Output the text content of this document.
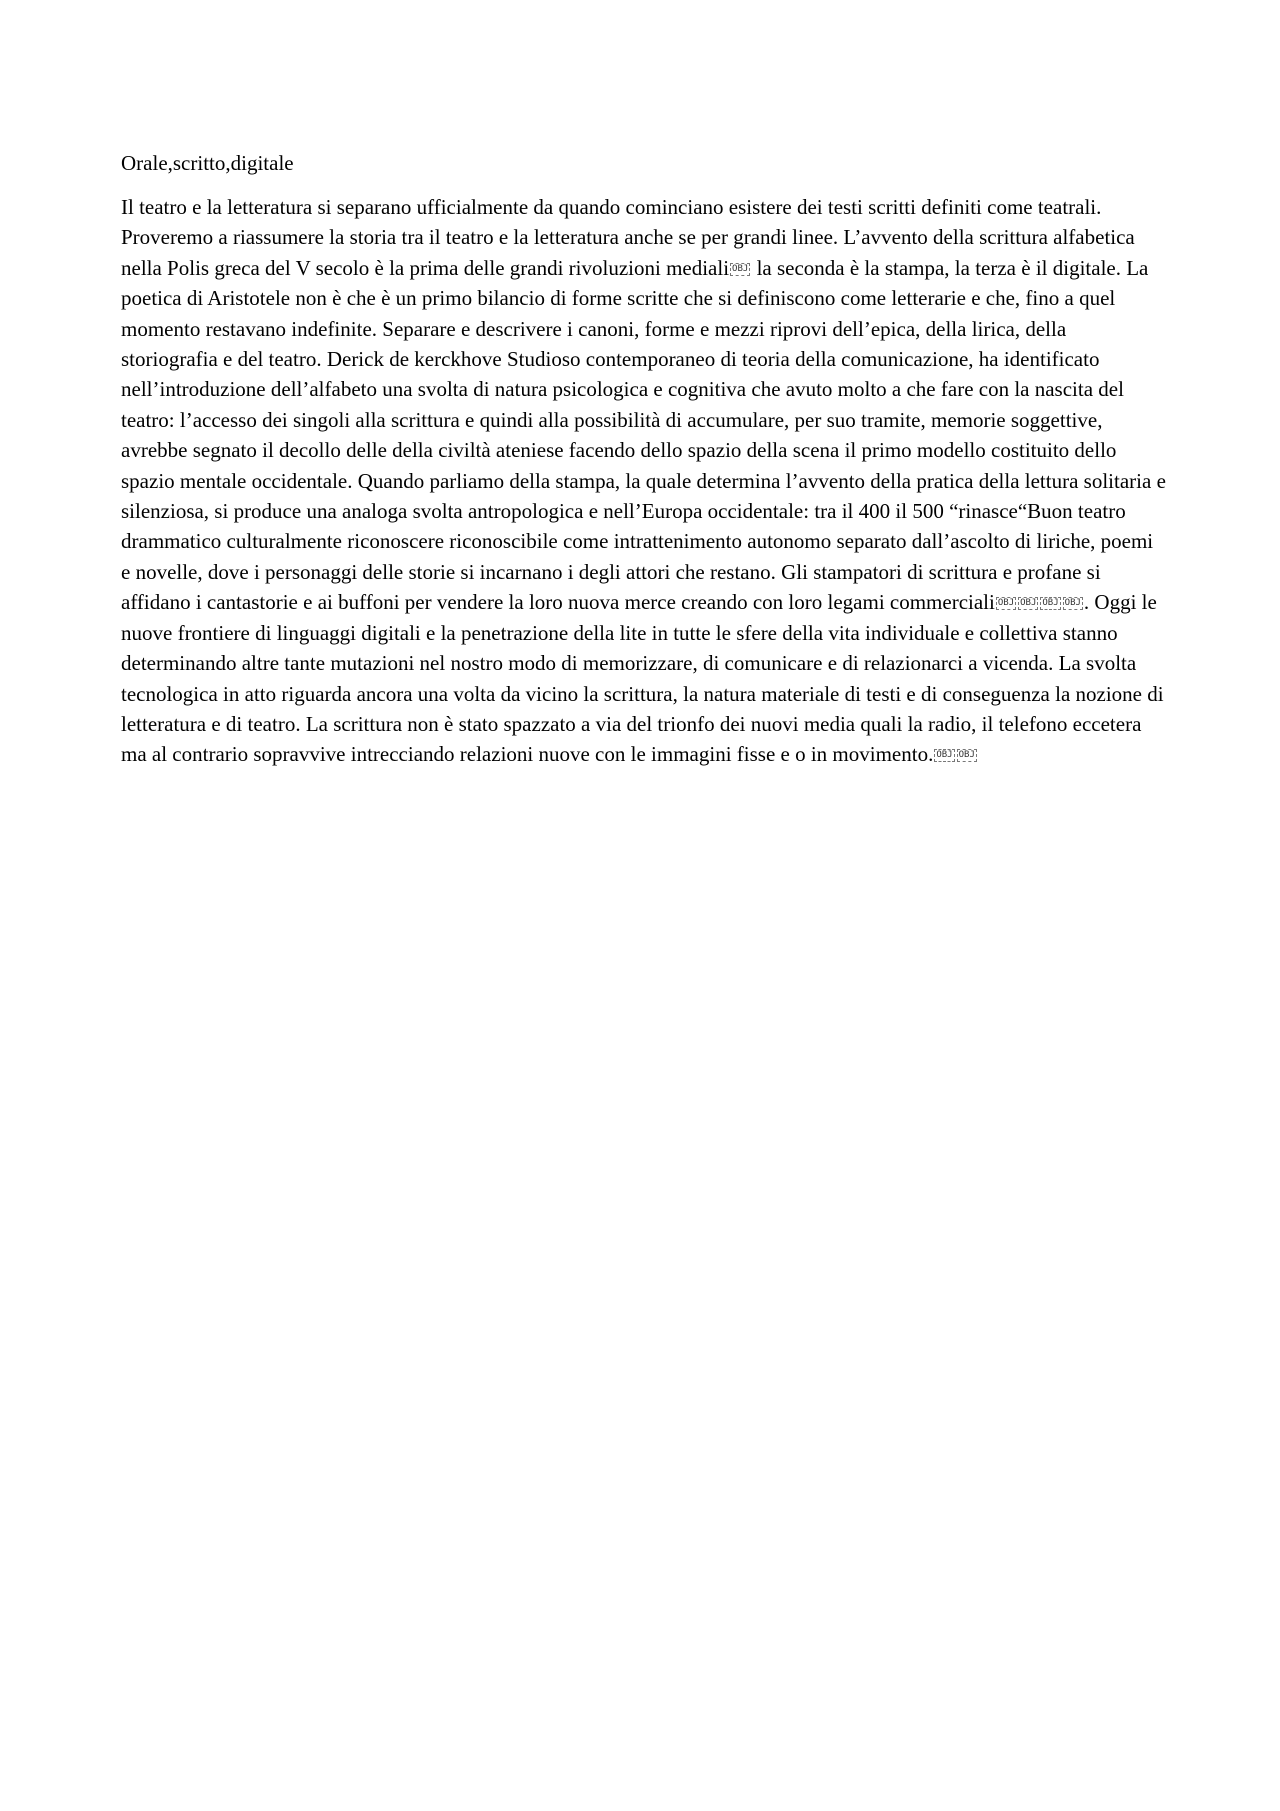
Orale,scritto,digitale

Il teatro e la letteratura si separano ufficialmente da quando cominciano esistere dei testi scritti definiti come teatrali. Proveremo a riassumere la storia tra il teatro e la letteratura anche se per grandi linee. L’avvento della scrittura alfabetica nella Polis greca del V secolo è la prima delle grandi rivoluzioni mediali OBJ la seconda è la stampa, la terza è il digitale. La poetica di Aristotele non è che è un primo bilancio di forme scritte che si definiscono come letterarie e che, fino a quel momento restavano indefinite. Separare e descrivere i canoni, forme e mezzi riprovi dell’epica, della lirica, della storiografia e del teatro. Derick de kerckhove Studioso contemporaneo di teoria della comunicazione, ha identificato nell’introduzione dell’alfabeto una svolta di natura psicologica e cognitiva che avuto molto a che fare con la nascita del teatro: l’accesso dei singoli alla scrittura e quindi alla possibilità di accumulare, per suo tramite, memorie soggettive, avrebbe segnato il decollo delle della civiltà ateniese facendo dello spazio della scena il primo modello costituito dello spazio mentale occidentale. Quando parliamo della stampa, la quale determina l’avvento della pratica della lettura solitaria e silenziosa, si produce una analoga svolta antropologica e nell’Europa occidentale: tra il 400 il 500 “rinasce“Buon teatro drammatico culturalmente riconoscere riconoscibile come intrattenimento autonomo separato dall’ascolto di liriche, poemi e novelle, dove i personaggi delle storie si incarnano i degli attori che restano. Gli stampatori di scrittura e profane si affidano i cantastorie e ai buffoni per vendere la loro nuova merce creando con loro legami commerciali OBJ OBJ OBJ OBJ . Oggi le nuove frontiere di linguaggi digitali e la penetrazione della lite in tutte le sfere della vita individuale e collettiva stanno determinando altre tante mutazioni nel nostro modo di memorizzare, di comunicare e di relazionarci a vicenda. La svolta tecnologica in atto riguarda ancora una volta da vicino la scrittura, la natura materiale di testi e di conseguenza la nozione di letteratura e di teatro. La scrittura non è stato spazzato a via del trionfo dei nuovi media quali la radio, il telefono eccetera ma al contrario sopravvive intrecciando relazioni nuove con le immagini fisse e o in movimento. OBJ OBJ
